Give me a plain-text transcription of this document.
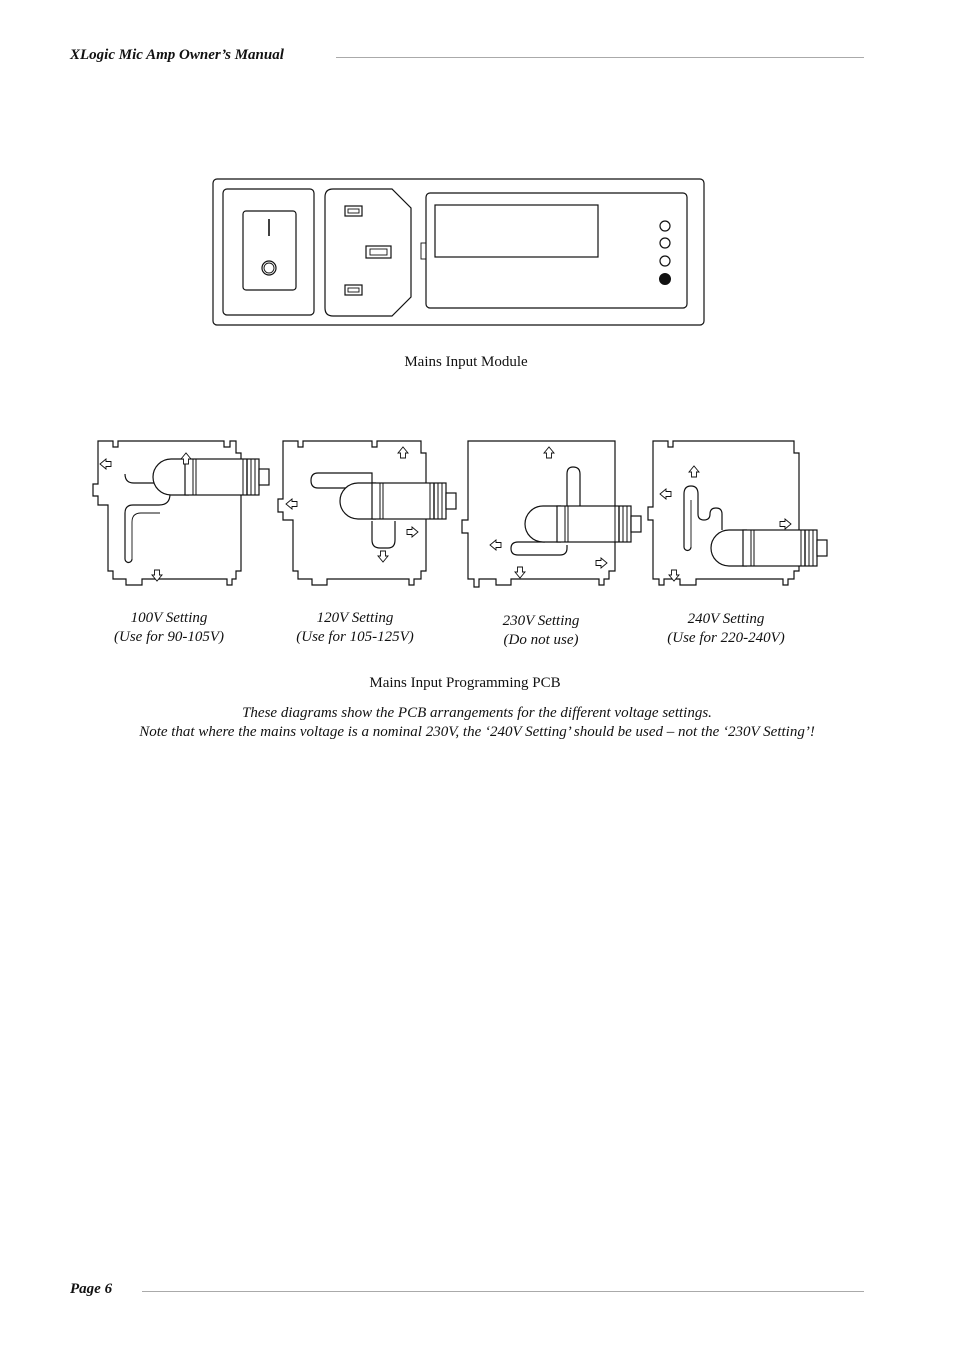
XLogic Mic Amp Owner’s Manual
Mains Input Module
100V Setting
(Use for 90-105V)
120V Setting
(Use for 105-125V)
230V Setting
(Do not use)
240V Setting
(Use for 220-240V)
Mains Input Programming PCB
These diagrams show the PCB arrangements for the different voltage settings.
Note that where the mains voltage is a nominal 230V, the ‘240V Setting’ should be used – not the ‘230V Setting’!
Page 6
